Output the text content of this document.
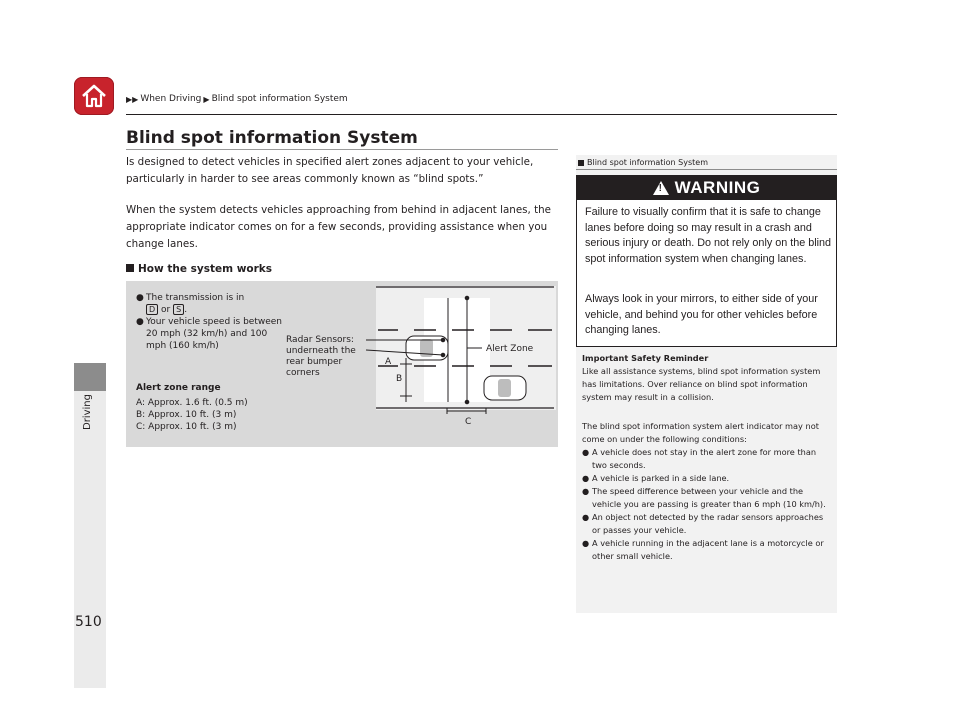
▶▶ When Driving ▶ Blind spot information System
Driving
510
Blind spot information System
Is designed to detect vehicles in specified alert zones adjacent to your vehicle, particularly in harder to see areas commonly known as “blind spots.”
When the system detects vehicles approaching from behind in adjacent lanes, the appropriate indicator comes on for a few seconds, providing assistance when you change lanes.
How the system works
● The transmission is in
D or S .
● Your vehicle speed is between 20 mph (32 km/h) and 100 mph (160 km/h)
Alert zone range
A: Approx. 1.6 ft. (0.5 m)
B: Approx. 10 ft. (3 m)
C: Approx. 10 ft. (3 m)
Radar Sensors:
underneath the
rear bumper
corners
Alert Zone
A
B
C
Blind spot information System
! WARNING
Failure to visually confirm that it is safe to change lanes before doing so may result in a crash and serious injury or death. Do not rely only on the blind spot information system when changing lanes.
Always look in your mirrors, to either side of your vehicle, and behind you for other vehicles before changing lanes.
Important Safety Reminder
Like all assistance systems, blind spot information system has limitations. Over reliance on blind spot information system may result in a collision.
The blind spot information system alert indicator may not come on under the following conditions:
● A vehicle does not stay in the alert zone for more than two seconds.
● A vehicle is parked in a side lane.
● The speed difference between your vehicle and the vehicle you are passing is greater than 6 mph (10 km/h).
● An object not detected by the radar sensors approaches or passes your vehicle.
● A vehicle running in the adjacent lane is a motorcycle or other small vehicle.
